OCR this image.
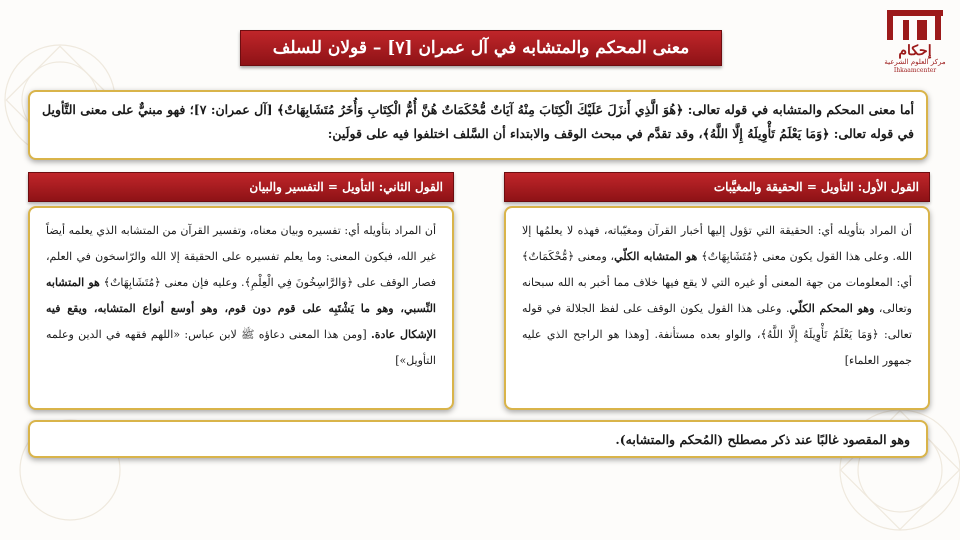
إحكام
مركز العلوم الشرعية
Ihkaamcenter
معنى المحكم والمتشابه في آل عمران [٧] – قولان للسلف
أما معنى المحكم والمتشابه في قوله تعالى: ﴿هُوَ الَّذِي أَنزَلَ عَلَيْكَ الْكِتَابَ مِنْهُ آيَاتٌ مُّحْكَمَاتٌ هُنَّ أُمُّ الْكِتَابِ وَأُخَرُ مُتَشَابِهَاتٌ﴾ [آل عمران: ٧]؛ فهو مبنيٌّ على معنى التَّأويل في قوله تعالى: ﴿وَمَا يَعْلَمُ تَأْوِيلَهُ إِلَّا اللَّهُ﴾، وقد تقدَّم في مبحث الوقف والابتداء أن السَّلف اختلفوا فيه على قولَين:
القول الأول: التأويل = الحقيقة والمغيَّبات
القول الثاني: التأويل = التفسير والبيان
أن المراد بتأويله أي: الحقيقة التي تؤول إليها أخبار القرآن ومغيّباته، فهذه لا يعلمُها إلا الله. وعلى هذا القول يكون معنى ﴿مُتَشَابِهَاتٌ﴾ هو المتشابه الكلّي، ومعنى ﴿مُّحْكَمَاتٌ﴾ أي: المعلومات من جهة المعنى أو غيره التي لا يقع فيها خلاف مما أخبر به الله سبحانه وتعالى، وهو المحكم الكلّي. وعلى هذا القول يكون الوقف على لفظ الجلالة في قوله تعالى: ﴿وَمَا يَعْلَمُ تَأْوِيلَهُ إِلَّا اللَّهُ﴾، والواو بعده مستأنفة. [وهذا هو الراجح الذي عليه جمهور العلماء]
أن المراد بتأويله أي: تفسيره وبيان معناه، وتفسير القرآن من المتشابه الذي يعلمه أيضاً غير الله، فيكون المعنى: وما يعلم تفسيره على الحقيقة إلا الله والرّاسخون في العلم، فصار الوقف على ﴿وَالرَّاسِخُونَ فِي الْعِلْمِ﴾. وعليه فإن معنى ﴿مُتَشَابِهَاتٌ﴾ هو المتشابه النِّسبي، وهو ما يَشْتَبِه على قوم دون قوم، وهو أوسع أنواع المتشابه، ويقع فيه الإشكال عادة. [ومن هذا المعنى دعاؤه ﷺ لابن عباس: «اللهم فقهه في الدين وعلمه التأويل»]
وهو المقصود غالبًا عند ذكر مصطلح (المُحكم والمتشابه).
